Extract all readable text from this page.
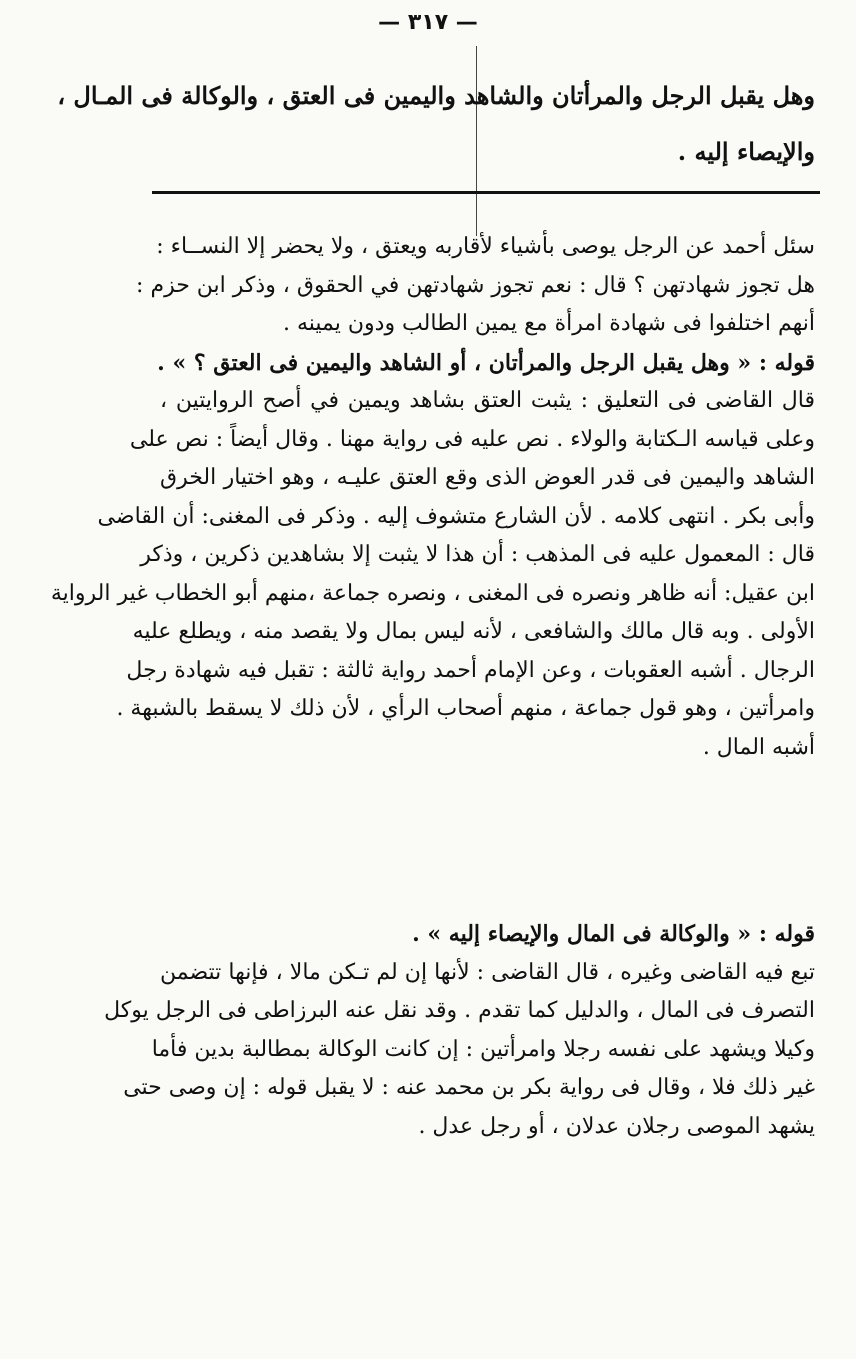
— ٣١٧ —
وهل يقبل الرجل والمرأتان والشاهد واليمين فى العتق ، والوكالة فى المـال ،
والإيصاء إليه .
سئل أحمد عن الرجل يوصى بأشياء لأقاربه ويعتق ، ولا يحضر إلا النســاء :
هل تجوز شهادتهن ؟ قال : نعم تجوز شهادتهن في الحقوق ، وذكر ابن حزم :
أنهم اختلفوا فى شهادة امرأة مع يمين الطالب ودون يمينه .
قوله : « وهل يقبل الرجل والمرأتان ، أو الشاهد واليمين فى العتق ؟ » .
قال القاضى فى التعليق : يثبت العتق بشاهد ويمين في أصح الروايتين ،
وعلى قياسه الـكتابة والولاء . نص عليه فى رواية مهنا . وقال أيضاً : نص على
الشاهد واليمين فى قدر العوض الذى وقع العتق عليـه ، وهو اختيار الخرق
وأبى بكر . انتهى كلامه . لأن الشارع متشوف إليه . وذكر فى المغنى: أن القاضى
قال : المعمول عليه فى المذهب : أن هذا لا يثبت إلا بشاهدين ذكرين ، وذكر
ابن عقيل: أنه ظاهر ونصره فى المغنى ، ونصره جماعة ،منهم أبو الخطاب غير الرواية
الأولى . وبه قال مالك والشافعى ، لأنه ليس بمال ولا يقصد منه ، ويطلع عليه
الرجال . أشبه العقوبات ، وعن الإمام أحمد رواية ثالثة : تقبل فيه شهادة رجل
وامرأتين ، وهو قول جماعة ، منهم أصحاب الرأي ، لأن ذلك لا يسقط بالشبهة .
أشبه المال .
قوله : « والوكالة فى المال والإيصاء إليه » .
تبع فيه القاضى وغيره ، قال القاضى : لأنها إن لم تـكن مالا ، فإنها تتضمن
التصرف فى المال ، والدليل كما تقدم . وقد نقل عنه البرزاطى فى الرجل يوكل
وكيلا ويشهد على نفسه رجلا وامرأتين : إن كانت الوكالة بمطالبة بدين فأما
غير ذلك فلا ، وقال فى رواية بكر بن محمد عنه : لا يقبل قوله : إن وصى حتى
يشهد الموصى رجلان عدلان ، أو رجل عدل .
